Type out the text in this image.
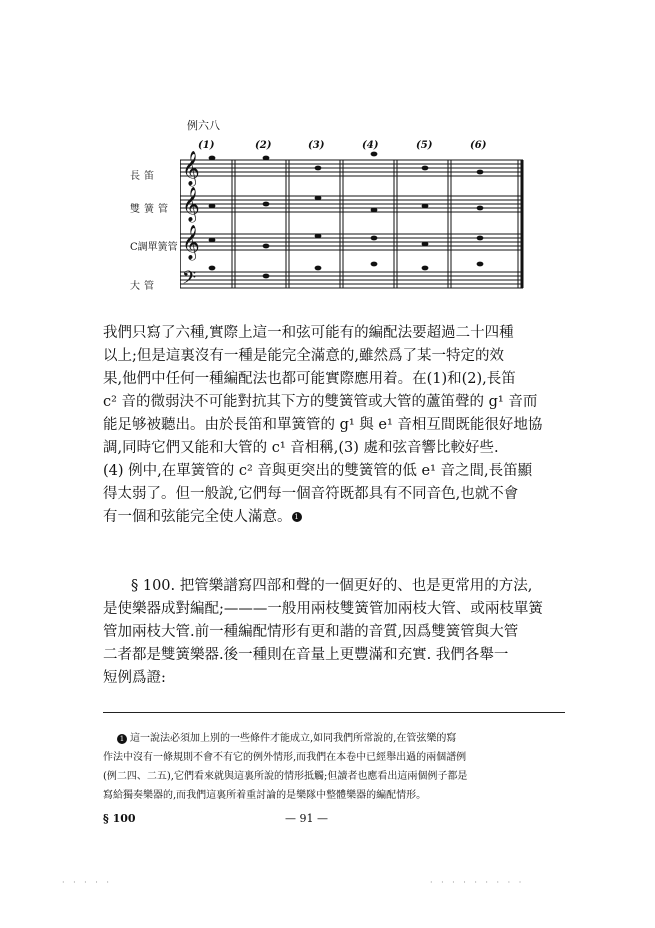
例六八
(1)	(2)	(3)	(4)	(5)	(6)
長笛
雙簧管
C調單簧管
大管
𝄞
𝄞
𝄞
𝄢
我們只寫了六種,實際上這一和弦可能有的編配法要超過二十四種
以上;但是這裏沒有一種是能完全滿意的,雖然爲了某一特定的效
果,他們中任何一種編配法也都可能實際應用着。在(1)和(2),長笛
c² 音的微弱決不可能對抗其下方的雙簧管或大管的蘆笛聲的 g¹ 音而
能足够被聽出。由於長笛和單簧管的 g¹ 與 e¹ 音相互間既能很好地協
調,同時它們又能和大管的 c¹ 音相稱,(3) 處和弦音響比較好些.
(4) 例中,在單簧管的 c² 音與更突出的雙簧管的低 e¹ 音之間,長笛顯
得太弱了。但一般說,它們每一個音符既都具有不同音色,也就不會
有一個和弦能完全使人滿意。 1
§ 100. 把管樂譜寫四部和聲的一個更好的、也是更常用的方法,
是使樂器成對編配;———一般用兩枝雙簧管加兩枝大管、或兩枝單簧
管加兩枝大管.前一種編配情形有更和諧的音質,因爲雙簧管與大管
二者都是雙簧樂器.後一種則在音量上更豐滿和充實. 我們各舉一
短例爲證:
1 這一說法必須加上別的一些條件才能成立,如同我們所常說的,在管弦樂的寫
作法中沒有一條規則不會不有它的例外情形,而我們在本卷中已經舉出過的兩個譜例
(例二四、二五),它們看來就與這裏所說的情形抵觸;但讀者也應看出這兩個例子都是
寫給獨奏樂器的,而我們這裏所着重討論的是樂隊中整體樂器的編配情形。
§ 100	— 91 —
· · · · ·	· · · · · · · · ·
